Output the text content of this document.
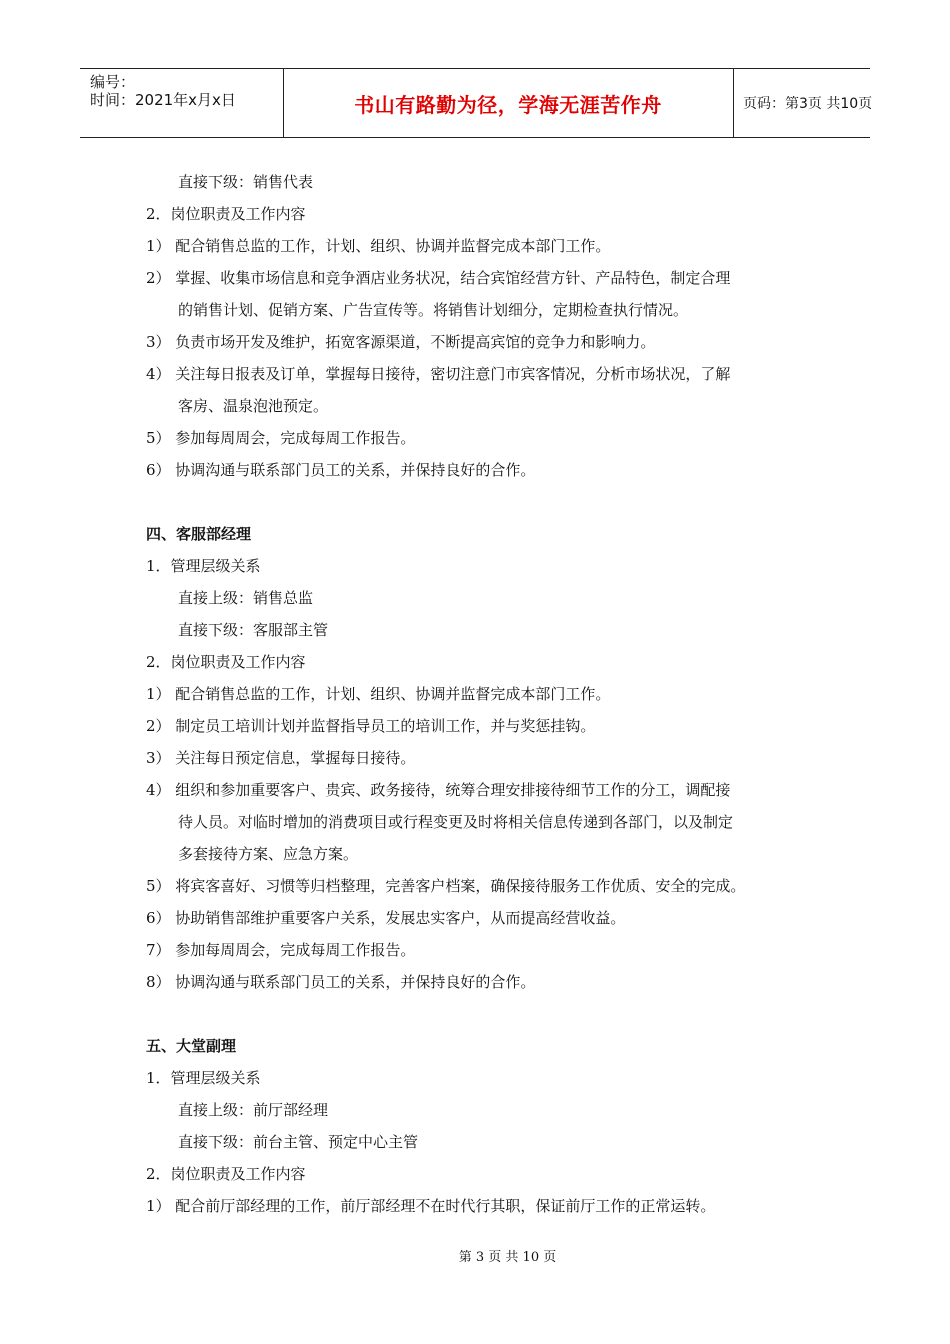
编号：
时间：2021年x月x日	书山有路勤为径，学海无涯苦作舟	页码：第3页 共10页
直接下级：销售代表
2．岗位职责及工作内容
1） 配合销售总监的工作，计划、组织、协调并监督完成本部门工作。
2） 掌握、收集市场信息和竞争酒店业务状况，结合宾馆经营方针、产品特色，制定合理
的销售计划、促销方案、广告宣传等。将销售计划细分，定期检查执行情况。
3） 负责市场开发及维护，拓宽客源渠道，不断提高宾馆的竞争力和影响力。
4） 关注每日报表及订单，掌握每日接待，密切注意门市宾客情况，分析市场状况，了解
客房、温泉泡池预定。
5） 参加每周周会，完成每周工作报告。
6） 协调沟通与联系部门员工的关系，并保持良好的合作。
四、客服部经理
1．管理层级关系
直接上级：销售总监
直接下级：客服部主管
2．岗位职责及工作内容
1） 配合销售总监的工作，计划、组织、协调并监督完成本部门工作。
2） 制定员工培训计划并监督指导员工的培训工作，并与奖惩挂钩。
3） 关注每日预定信息，掌握每日接待。
4） 组织和参加重要客户、贵宾、政务接待，统筹合理安排接待细节工作的分工，调配接
待人员。对临时增加的消费项目或行程变更及时将相关信息传递到各部门，以及制定
多套接待方案、应急方案。
5） 将宾客喜好、习惯等归档整理，完善客户档案，确保接待服务工作优质、安全的完成。
6） 协助销售部维护重要客户关系，发展忠实客户，从而提高经营收益。
7） 参加每周周会，完成每周工作报告。
8） 协调沟通与联系部门员工的关系，并保持良好的合作。
五、大堂副理
1．管理层级关系
直接上级：前厅部经理
直接下级：前台主管、预定中心主管
2．岗位职责及工作内容
1） 配合前厅部经理的工作，前厅部经理不在时代行其职，保证前厅工作的正常运转。
第 3 页 共 10 页
